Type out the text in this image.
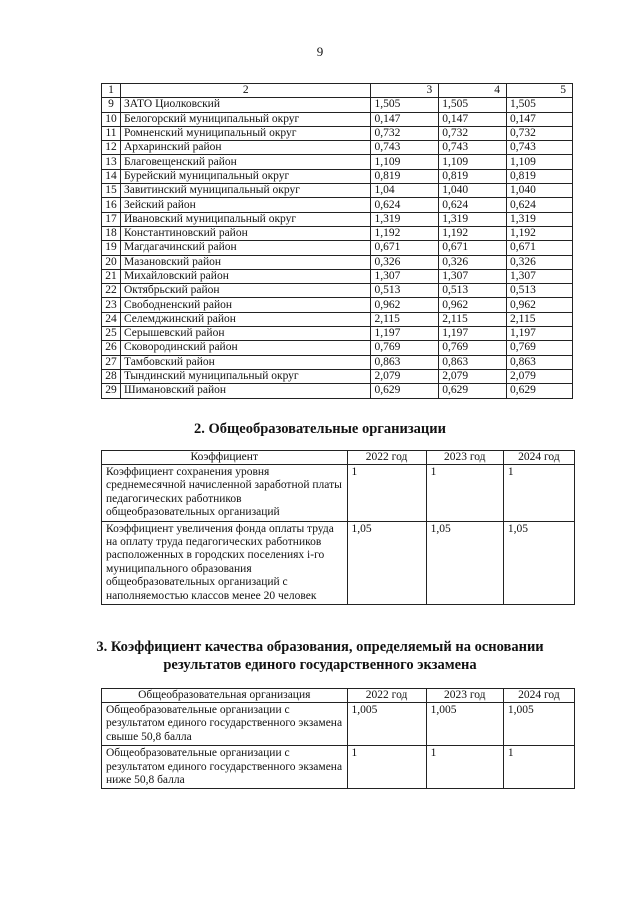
9
1	2	3	4	5
9	ЗАТО Циолковский	1,505	1,505	1,505
10	Белогорский муниципальный округ	0,147	0,147	0,147
11	Ромненский муниципальный округ	0,732	0,732	0,732
12	Архаринский район	0,743	0,743	0,743
13	Благовещенский район	1,109	1,109	1,109
14	Бурейский муниципальный округ	0,819	0,819	0,819
15	Завитинский муниципальный округ	1,04	1,040	1,040
16	Зейский район	0,624	0,624	0,624
17	Ивановский муниципальный округ	1,319	1,319	1,319
18	Константиновский район	1,192	1,192	1,192
19	Магдагачинский район	0,671	0,671	0,671
20	Мазановский район	0,326	0,326	0,326
21	Михайловский район	1,307	1,307	1,307
22	Октябрьский район	0,513	0,513	0,513
23	Свободненский район	0,962	0,962	0,962
24	Селемджинский район	2,115	2,115	2,115
25	Серышевский район	1,197	1,197	1,197
26	Сковородинский район	0,769	0,769	0,769
27	Тамбовский район	0,863	0,863	0,863
28	Тындинский муниципальный округ	2,079	2,079	2,079
29	Шимановский район	0,629	0,629	0,629
2. Общеобразовательные организации
Коэффициент	2022 год	2023 год	2024 год
Коэффициент сохранения уровня среднемесячной начисленной заработной платы педагогических работников общеобразовательных организаций	1	1	1
Коэффициент увеличения фонда оплаты труда на оплату труда педагогических работников расположенных в городских поселениях i-го муниципального образования общеобразовательных организаций с наполняемостью классов менее 20 человек	1,05	1,05	1,05
3. Коэффициент качества образования, определяемый на основании
результатов единого государственного экзамена
Общеобразовательная организация	2022 год	2023 год	2024 год
Общеобразовательные организации с результатом единого государственного экзамена свыше 50,8 балла	1,005	1,005	1,005
Общеобразовательные организации с результатом единого государственного экзамена ниже 50,8 балла	1	1	1
